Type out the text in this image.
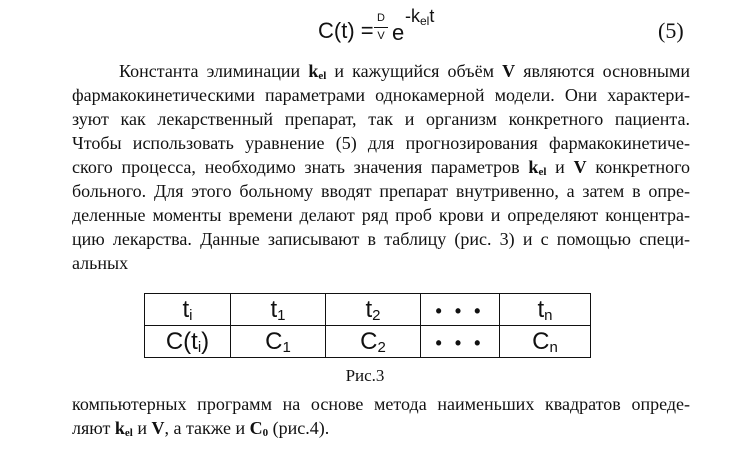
C(t) = D
V e
-kelt
(5)
Константа элиминации $k_{el}$ и кажущийся объём V являются основными
фармакокинетическими параметрами однокамерной модели. Они характери-
зуют как лекарственный препарат, так и организм конкретного пациента.
Чтобы использовать уравнение (5) для прогнозирования фармакокинетиче-
ского процесса, необходимо знать значения параметров $k_{el}$ и V конкретного
больного. Для этого больному вводят препарат внутривенно, а затем в опре-
деленные моменты времени делают ряд проб крови и определяют концентра-
цию лекарства. Данные записывают в таблицу (рис. 3) и с помощью специ-
альных
$t_i$	$t_1$	$t_2$	• • •	$t_n$
$C(t_i)$	$C_1$	$C_2$	• • •	$C_n$
Рис.3
компьютерных программ на основе метода наименьших квадратов опреде-
ляют $k_{el}$ и V, а также и $C_0$ (рис.4).
